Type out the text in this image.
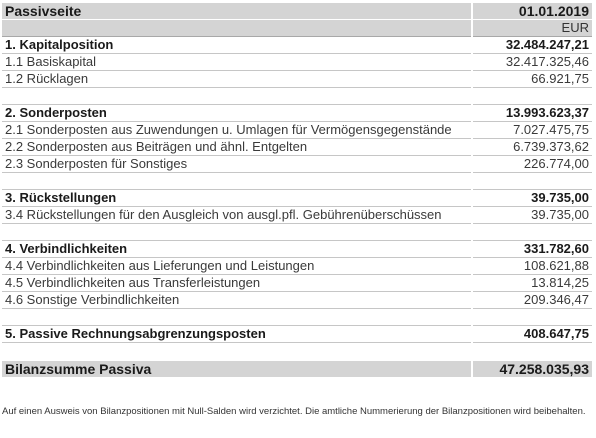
Passivseite	01.01.2019
	EUR
1. Kapitalposition	32.484.247,21
1.1 Basiskapital	32.417.325,46
1.2 Rücklagen	66.921,75

2. Sonderposten	13.993.623,37
2.1 Sonderposten aus Zuwendungen u. Umlagen für Vermögensgegenstände	7.027.475,75
2.2 Sonderposten aus Beiträgen und ähnl. Entgelten	6.739.373,62
2.3 Sonderposten für Sonstiges	226.774,00

3. Rückstellungen	39.735,00
3.4 Rückstellungen für den Ausgleich von ausgl.pfl. Gebührenüberschüssen	39.735,00

4. Verbindlichkeiten	331.782,60
4.4 Verbindlichkeiten aus Lieferungen und Leistungen	108.621,88
4.5 Verbindlichkeiten aus Transferleistungen	13.814,25
4.6 Sonstige Verbindlichkeiten	209.346,47

5. Passive Rechnungsabgrenzungsposten	408.647,75

Bilanzsumme Passiva	47.258.035,93
Auf einen Ausweis von Bilanzpositionen mit Null-Salden wird verzichtet. Die amtliche Nummerierung der Bilanzpositionen wird beibehalten.
